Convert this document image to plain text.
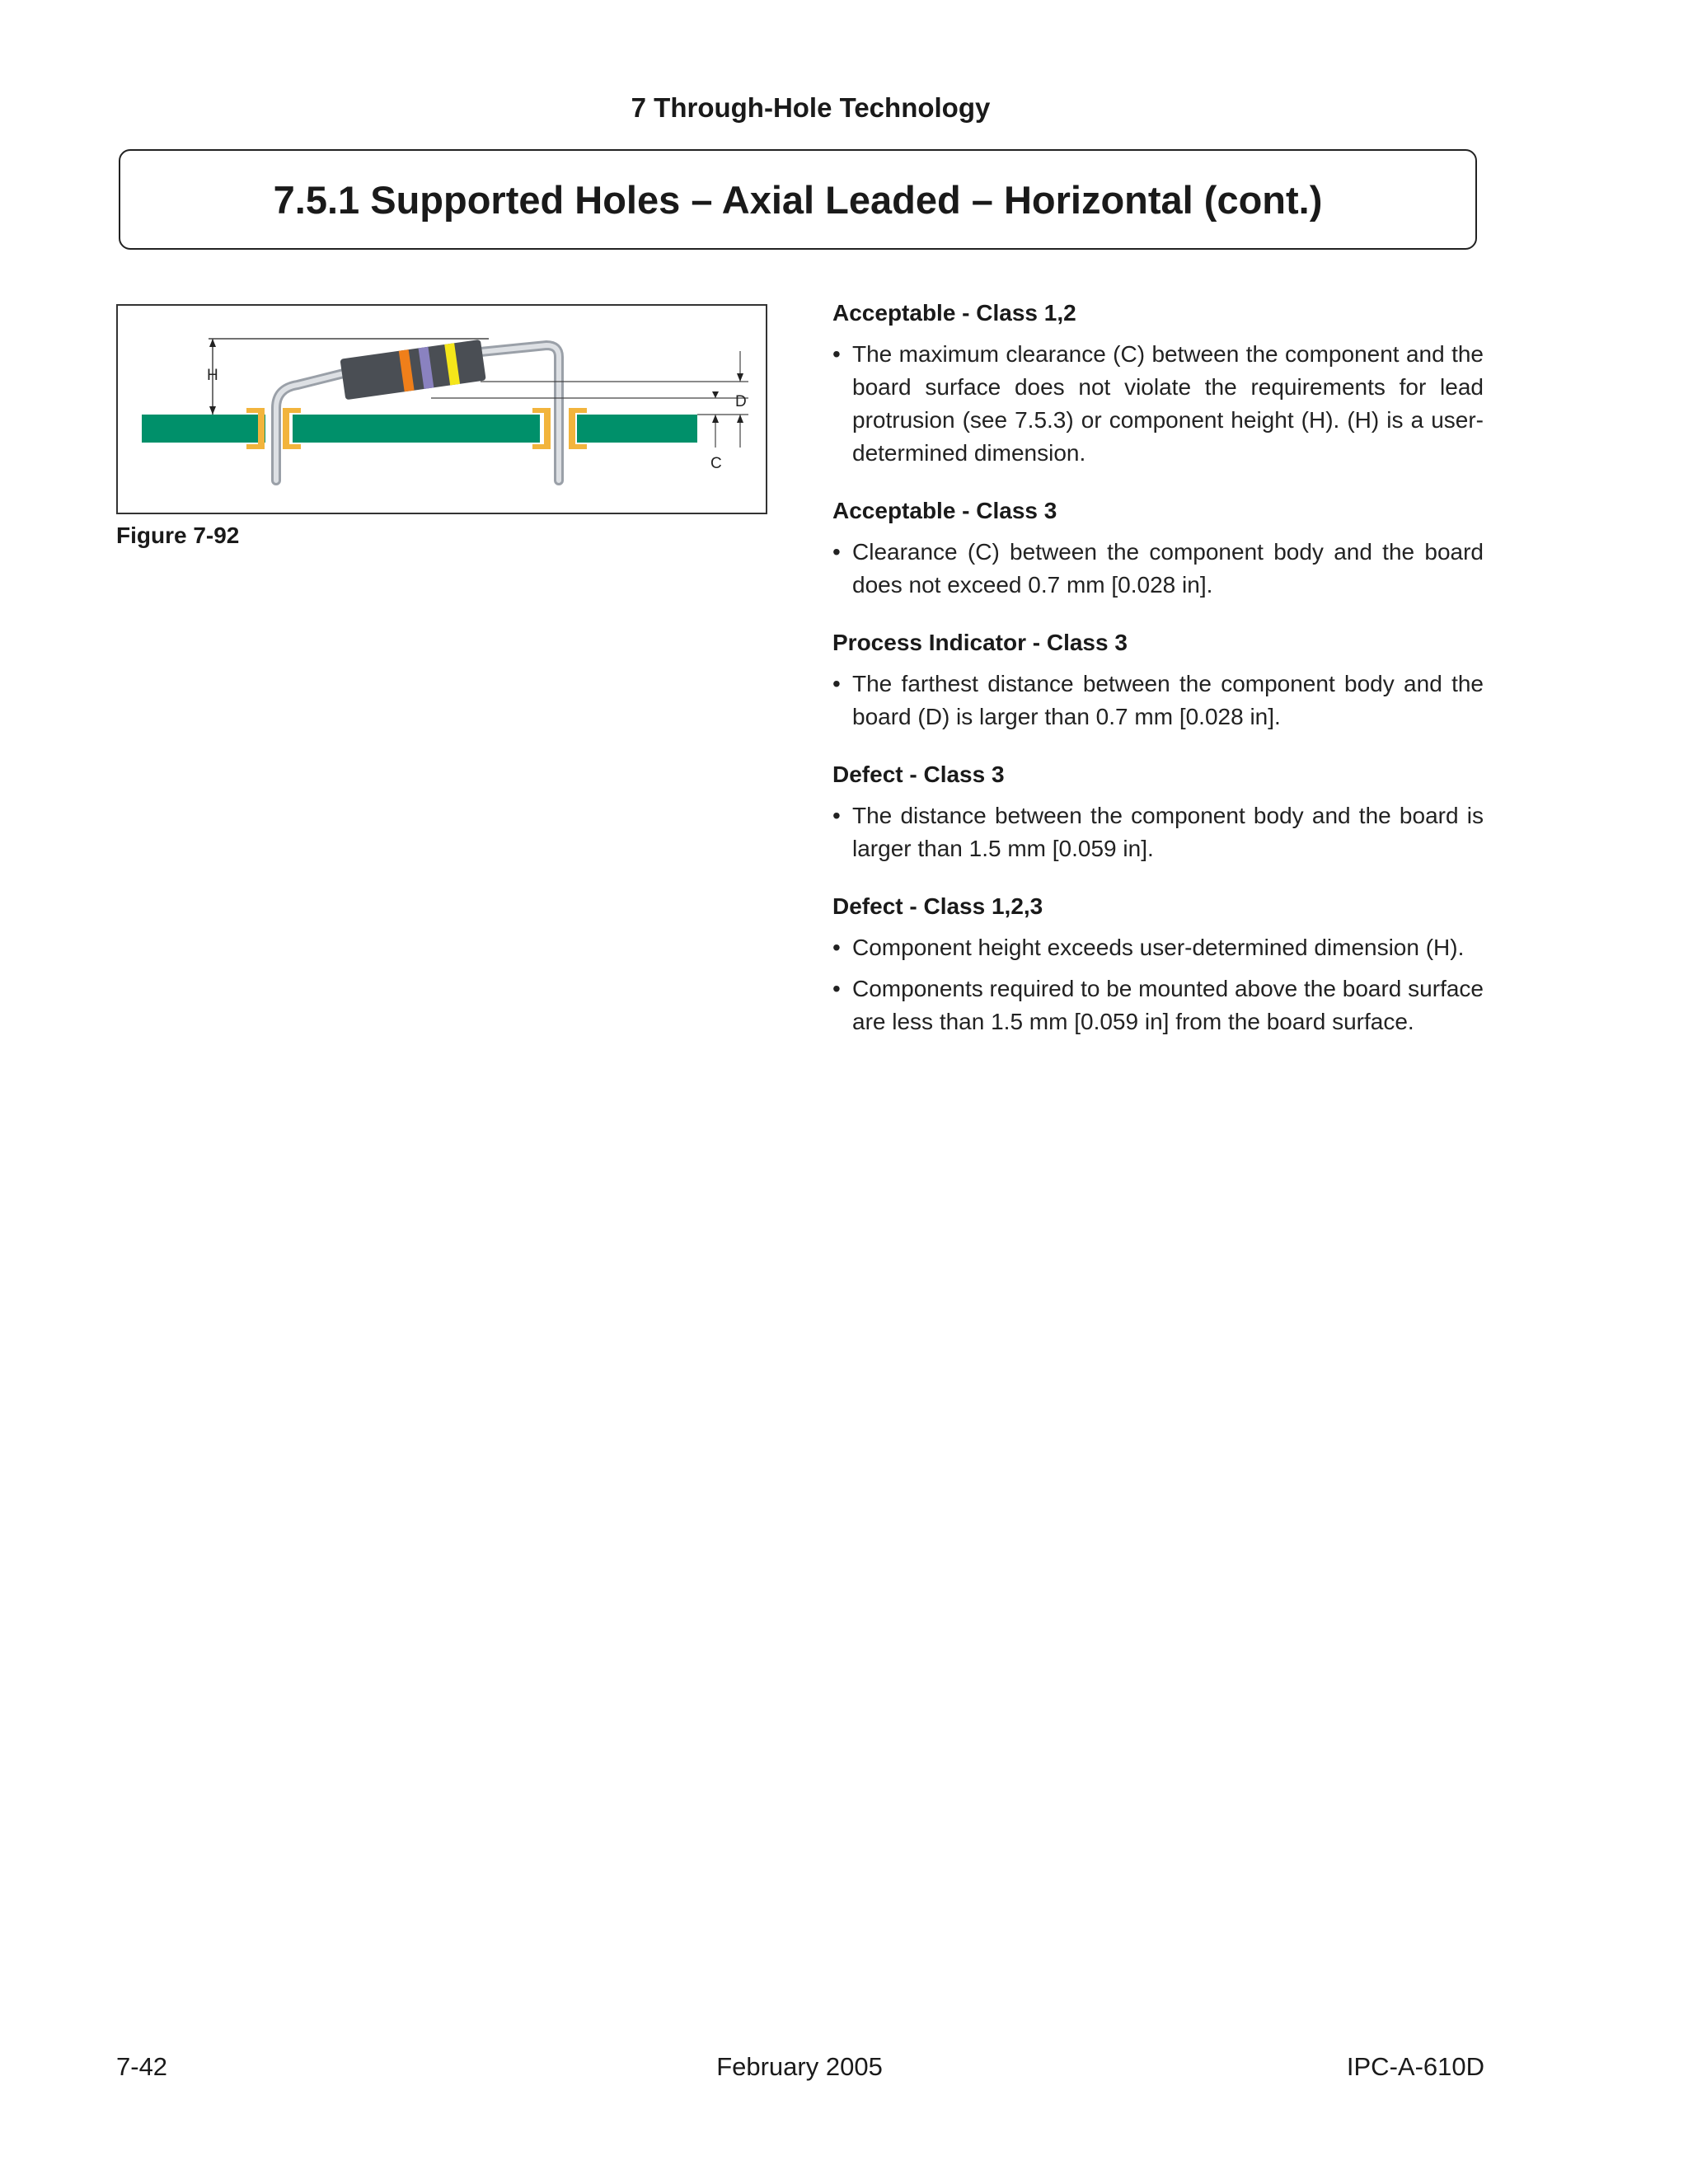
7 Through-Hole Technology
7.5.1 Supported Holes – Axial Leaded – Horizontal (cont.)
H
D
C
Figure 7-92
Acceptable - Class 1,2
• The maximum clearance (C) between the component and the board surface does not violate the requirements for lead protrusion (see 7.5.3) or component height (H). (H) is a user-determined dimension.
Acceptable - Class 3
• Clearance (C) between the component body and the board does not exceed 0.7 mm [0.028 in].
Process Indicator - Class 3
• The farthest distance between the component body and the board (D) is larger than 0.7 mm [0.028 in].
Defect - Class 3
• The distance between the component body and the board is larger than 1.5 mm [0.059 in].
Defect - Class 1,2,3
• Component height exceeds user-determined dimension (H).
• Components required to be mounted above the board surface are less than 1.5 mm [0.059 in] from the board surface.
7-42	February 2005	IPC-A-610D
